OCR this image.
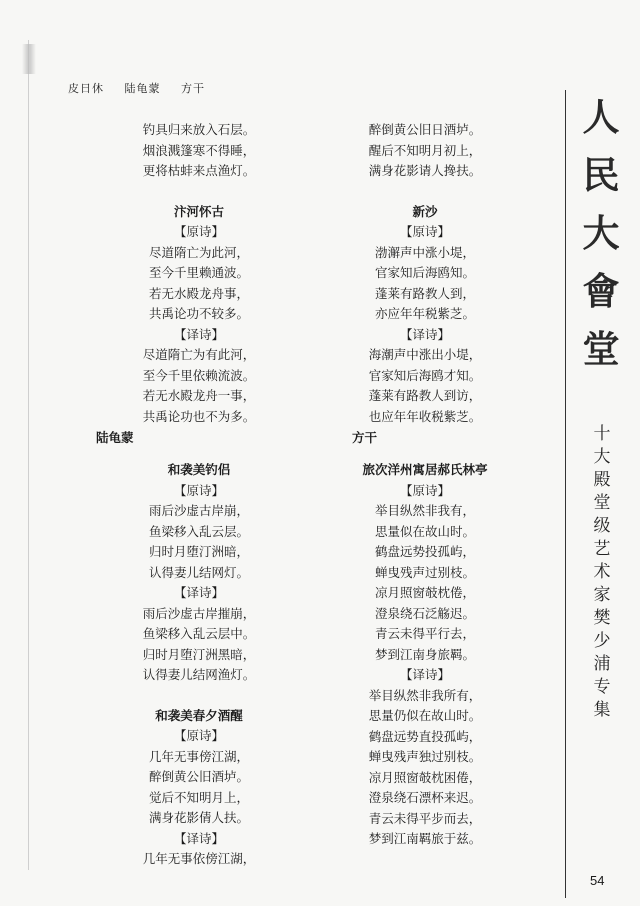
皮日休 陆龟蒙 方干
钓具归来放入石层。
烟浪溅篷寒不得睡，
更将枯蚌来点渔灯。
汴河怀古
【原诗】
尽道隋亡为此河，
至今千里赖通波。
若无水殿龙舟事，
共禹论功不较多。
【译诗】
尽道隋亡为有此河，
至今千里依赖流波。
若无水殿龙舟一事，
共禹论功也不为多。
陆龟蒙
和袭美钓侣
【原诗】
雨后沙虚古岸崩，
鱼梁移入乱云层。
归时月堕汀洲暗，
认得妻儿结网灯。
【译诗】
雨后沙虚古岸摧崩，
鱼梁移入乱云层中。
归时月堕汀洲黑暗，
认得妻儿结网渔灯。
和袭美春夕酒醒
【原诗】
几年无事傍江湖，
醉倒黄公旧酒垆。
觉后不知明月上，
满身花影倩人扶。
【译诗】
几年无事依傍江湖，
醉倒黄公旧日酒垆。
醒后不知明月初上，
满身花影请人搀扶。
新沙
【原诗】
渤澥声中涨小堤，
官家知后海鸥知。
蓬莱有路教人到，
亦应年年税紫芝。
【译诗】
海潮声中涨出小堤，
官家知后海鸥才知。
蓬莱有路教人到访，
也应年年收税紫芝。
方干
旅次洋州寓居郝氏林亭
【原诗】
举目纵然非我有，
思量似在故山时。
鹤盘远势投孤屿，
蝉曳残声过别枝。
凉月照窗攲枕倦，
澄泉绕石泛觞迟。
青云未得平行去，
梦到江南身旅羁。
【译诗】
举目纵然非我所有，
思量仍似在故山时。
鹤盘远势直投孤屿，
蝉曳残声独过别枝。
凉月照窗攲枕困倦，
澄泉绕石漂杯来迟。
青云未得平步而去，
梦到江南羁旅于兹。
人
民
大
會
堂
十
大
殿
堂
级
艺
术
家
樊
少
浦
专
集
54
